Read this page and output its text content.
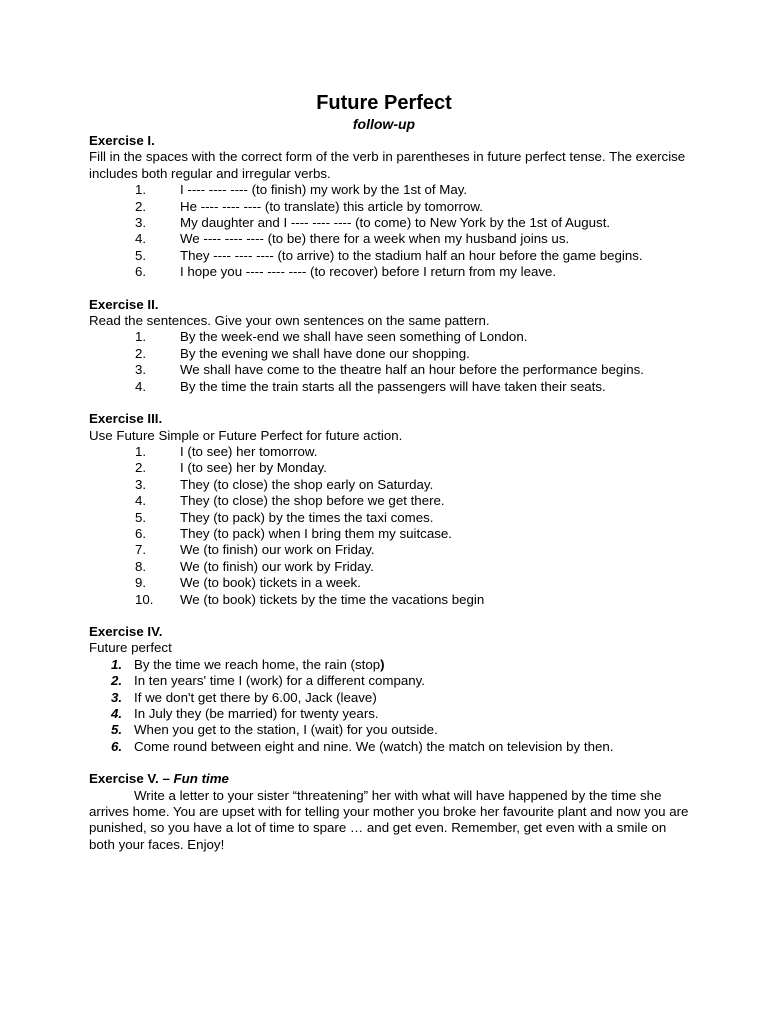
Future Perfect
follow-up

Exercise I.

Fill in the spaces with the correct form of the verb in parentheses in future perfect tense. The exercise includes both regular and irregular verbs.

1.	I ---- ---- ---- (to finish) my work by the 1st of May.
2.	He ---- ---- ---- (to translate) this article by tomorrow.
3.	My daughter and I ---- ---- ---- (to come) to New York by the 1st of August.
4.	We ---- ---- ---- (to be) there for a week when my husband joins us.
5.	They ---- ---- ---- (to arrive) to the stadium half an hour before the game begins.
6.	I hope you ---- ---- ---- (to recover) before I return from my leave.

Exercise II.

Read the sentences. Give your own sentences on the same pattern.

1.	By the week-end we shall have seen something of London.
2.	By the evening we shall have done our shopping.
3.	We shall have come to the theatre half an hour before the performance begins.
4.	By the time the train starts all the passengers will have taken their seats.

Exercise III.

Use Future Simple or Future Perfect for future action.

1.	I (to see) her tomorrow.
2.	I (to see) her by Monday.
3.	They (to close) the shop early on Saturday.
4.	They (to close) the shop before we get there.
5.	They (to pack) by the times the taxi comes.
6.	They (to pack) when I bring them my suitcase.
7.	We (to finish) our work on Friday.
8.	We (to finish) our work by Friday.
9.	We (to book) tickets in a week.
10.	We (to book) tickets by the time the vacations begin

Exercise IV.

Future perfect

1. By the time we reach home, the rain (stop)
2. In ten years' time I (work) for a different company.
3. If we don't get there by 6.00, Jack (leave)
4. In July they (be married) for twenty years.
5. When you get to the station, I (wait) for you outside.
6. Come round between eight and nine. We (watch) the match on television by then.

Exercise V. – Fun time

Write a letter to your sister “threatening” her with what will have happened by the time she arrives home. You are upset with for telling your mother you broke her favourite plant and now you are punished, so you have a lot of time to spare … and get even. Remember, get even with a smile on both your faces. Enjoy!
